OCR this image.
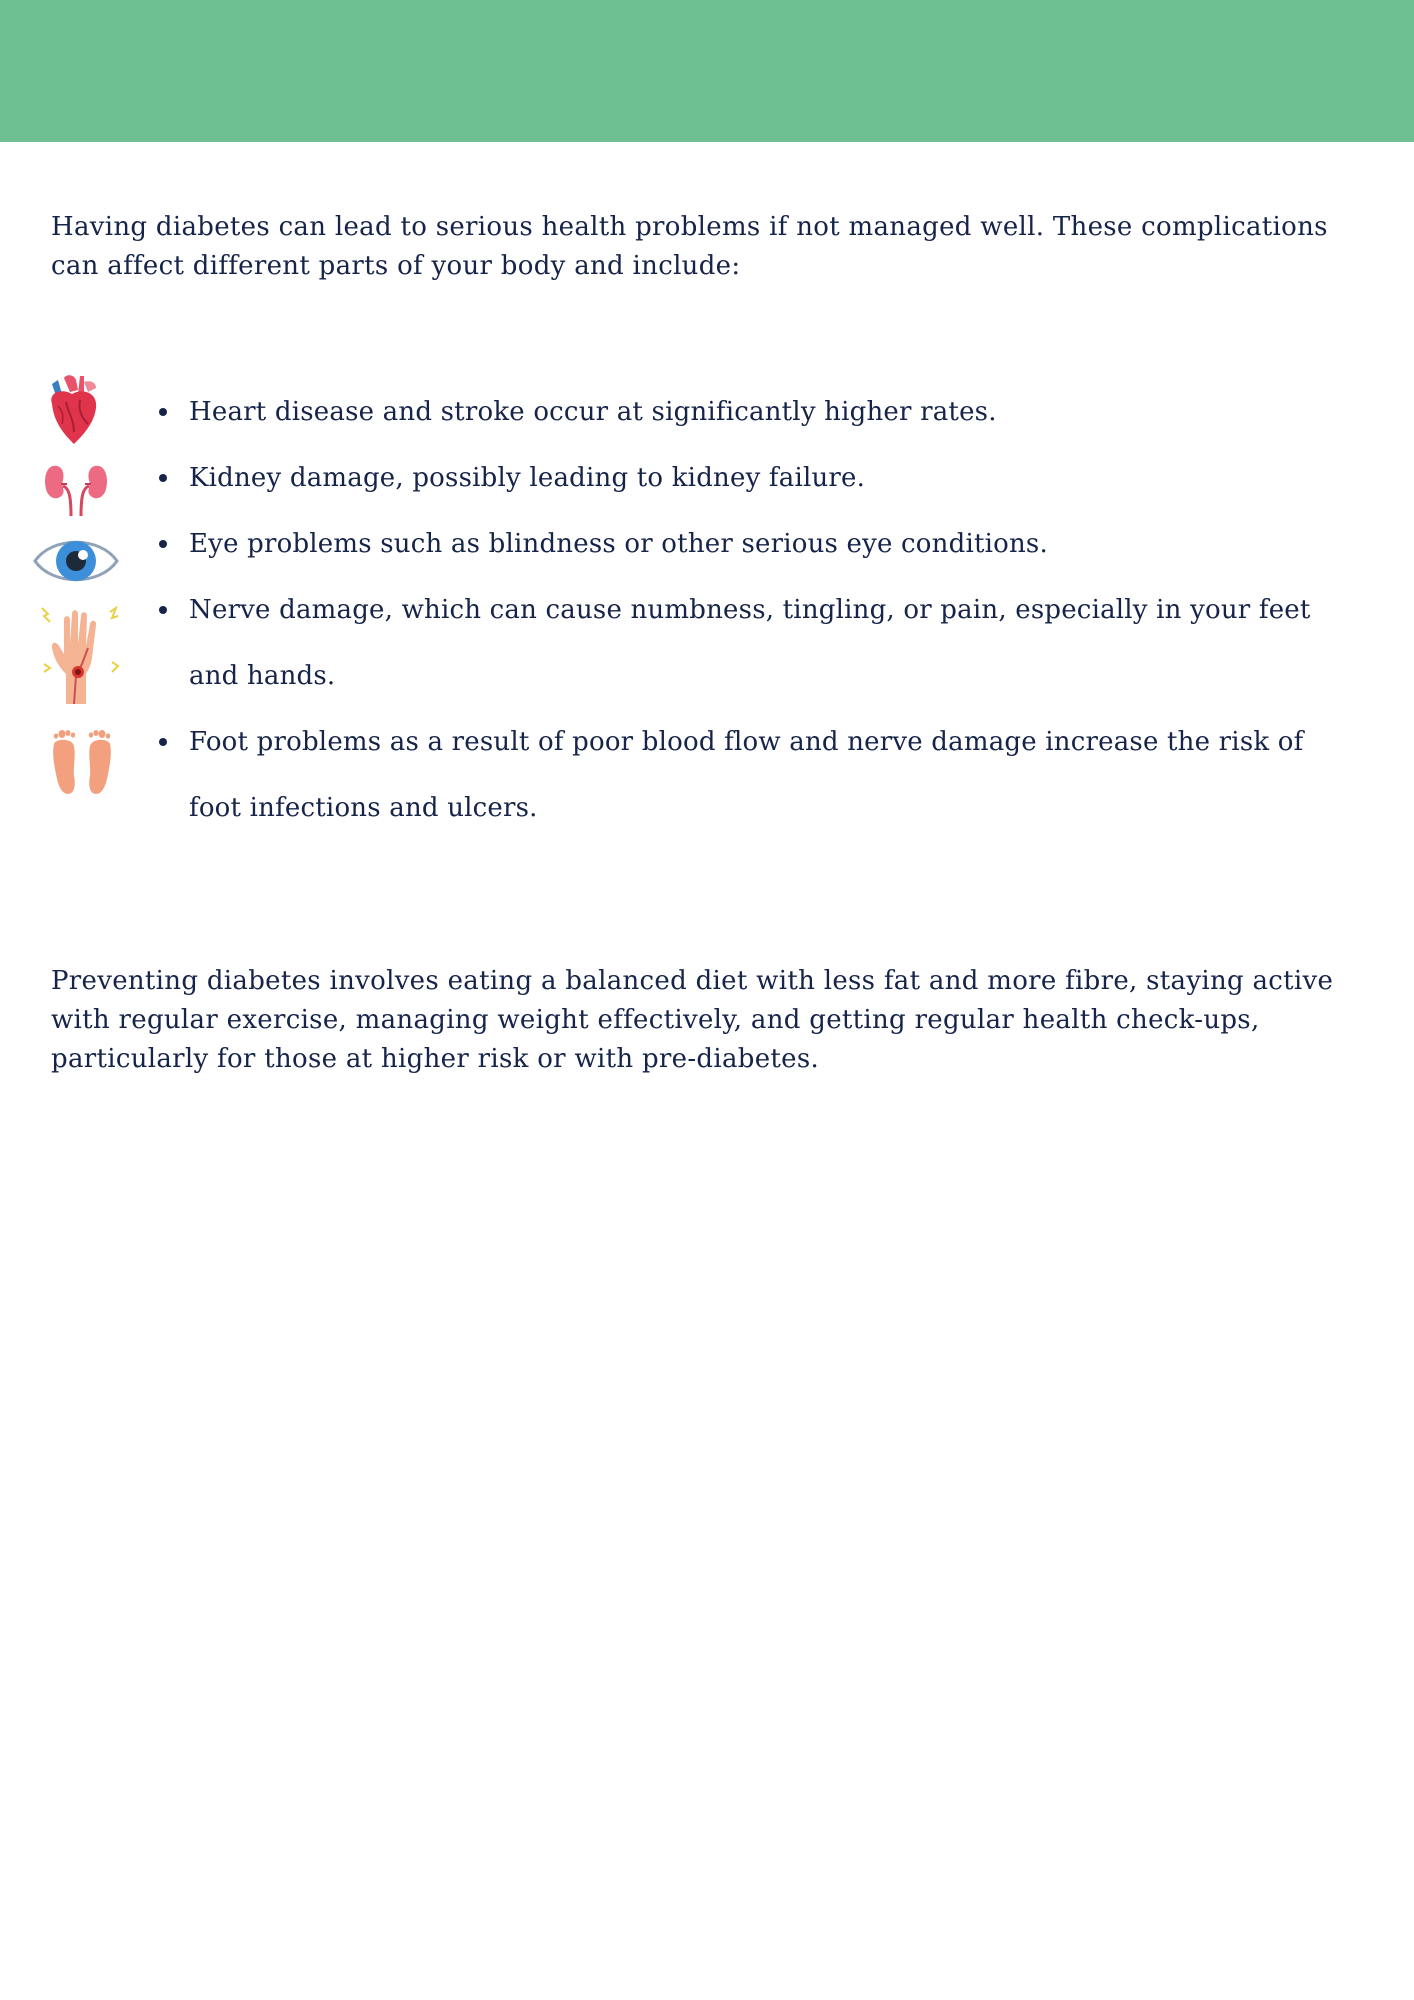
Having diabetes can lead to serious health problems if not managed well. These complications can affect different parts of your body and include:

Heart disease and stroke occur at significantly higher rates.
Kidney damage, possibly leading to kidney failure.
Eye problems such as blindness or other serious eye conditions.
Nerve damage, which can cause numbness, tingling, or pain, especially in your feet and hands.
Foot problems as a result of poor blood flow and nerve damage increase the risk of foot infections and ulcers.

Preventing diabetes involves eating a balanced diet with less fat and more fibre, staying active with regular exercise, managing weight effectively, and getting regular health check-ups, particularly for those at higher risk or with pre-diabetes.
